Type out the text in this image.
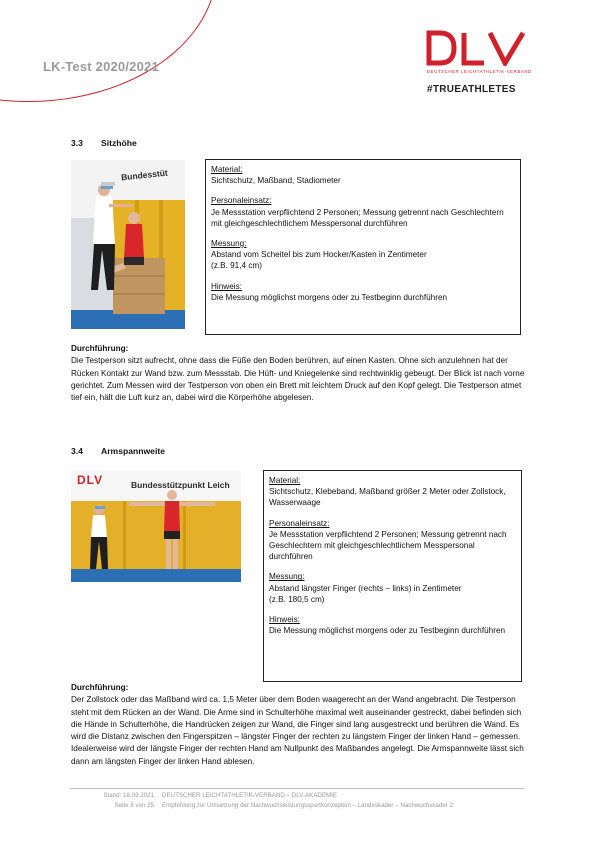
LK-Test 2020/2021	DEUTSCHER LEICHTATHLETIK-VERBAND
#TRUEATHLETES
3.3 Sitzhöhe
Bundesstüt	Material:
Sichtschutz, Maßband, Stadiometer
Personaleinsatz:
Je Messstation verpflichtend 2 Personen; Messung getrennt nach Geschlechtern mit gleichgeschlechtlichem Messpersonal durchführen
Messung:
Abstand vom Scheitel bis zum Hocker/Kasten in Zentimeter
(z.B. 91,4 cm)
Hinweis:
Die Messung möglichst morgens oder zu Testbeginn durchführen
Durchführung:
Die Testperson sitzt aufrecht, ohne dass die Füße den Boden berühren, auf einen Kasten. Ohne sich anzulehnen hat der Rücken Kontakt zur Wand bzw. zum Messstab. Die Hüft- und Kniegelenke sind rechtwinklig gebeugt. Der Blick ist nach vorne gerichtet. Zum Messen wird der Testperson von oben ein Brett mit leichtem Druck auf den Kopf gelegt. Die Testperson atmet tief ein, hält die Luft kurz an, dabei wird die Körperhöhe abgelesen.
3.4 Armspannweite
DLV	Bundesstützpunkt Leich	Material:
Sichtschutz, Klebeband, Maßband größer 2 Meter oder Zollstock, Wasserwaage
Personaleinsatz:
Je Messstation verpflichtend 2 Personen; Messung getrennt nach Geschlechtern mit gleichgeschlechtlichem Messpersonal durchführen
Messung:
Abstand längster Finger (rechts – links) in Zentimeter
(z.B. 180,5 cm)
Hinweis:
Die Messung möglichst morgens oder zu Testbeginn durchführen
Durchführung:
Der Zollstock oder das Maßband wird ca. 1,5 Meter über dem Boden waagerecht an der Wand angebracht. Die Testperson steht mit dem Rücken an der Wand. Die Arme sind in Schulterhöhe maximal weit auseinander gestreckt, dabei befinden sich die Hände in Schulterhöhe, die Handrücken zeigen zur Wand, die Finger sind lang ausgestreckt und berühren die Wand. Es wird die Distanz zwischen den Fingerspitzen – längster Finger der rechten zu längstem Finger der linken Hand – gemessen. Idealerweise wird der längste Finger der rechten Hand am Nullpunkt des Maßbandes angelegt. Die Armspannweite lässt sich dann am längsten Finger der linken Hand ablesen.
Stand: 18.03.2021
Seite 8 von 25
DEUTSCHER LEICHTATHLETIK-VERBAND – DLV-AKADEMIE
Empfehlung zur Umsetzung der Nachwuchsleistungssportkonzeption – Landeskader – Nachwuchskader 2
